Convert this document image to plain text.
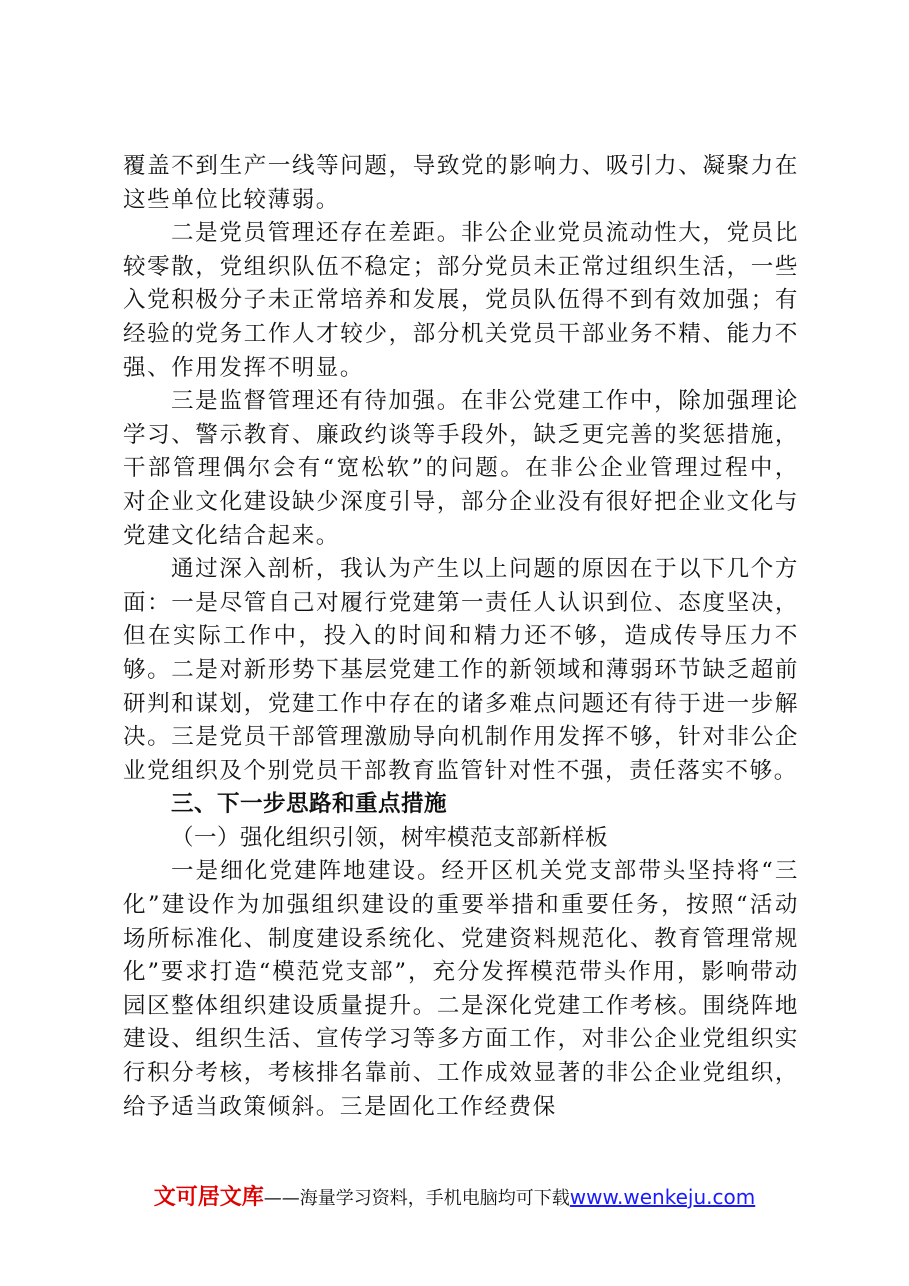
覆盖不到生产一线等问题，导致党的影响力、吸引力、凝聚力在这些单位比较薄弱。

二是党员管理还存在差距。非公企业党员流动性大，党员比较零散，党组织队伍不稳定；部分党员未正常过组织生活，一些入党积极分子未正常培养和发展，党员队伍得不到有效加强；有经验的党务工作人才较少，部分机关党员干部业务不精、能力不强、作用发挥不明显。

三是监督管理还有待加强。在非公党建工作中，除加强理论学习、警示教育、廉政约谈等手段外，缺乏更完善的奖惩措施，干部管理偶尔会有“宽松软”的问题。在非公企业管理过程中，对企业文化建设缺少深度引导，部分企业没有很好把企业文化与党建文化结合起来。

通过深入剖析，我认为产生以上问题的原因在于以下几个方面：一是尽管自己对履行党建第一责任人认识到位、态度坚决，但在实际工作中，投入的时间和精力还不够，造成传导压力不够。二是对新形势下基层党建工作的新领域和薄弱环节缺乏超前研判和谋划，党建工作中存在的诸多难点问题还有待于进一步解决。三是党员干部管理激励导向机制作用发挥不够，针对非公企业党组织及个别党员干部教育监管针对性不强，责任落实不够。

三、下一步思路和重点措施

（一）强化组织引领，树牢模范支部新样板

一是细化党建阵地建设。经开区机关党支部带头坚持将“三化”建设作为加强组织建设的重要举措和重要任务，按照“活动场所标准化、制度建设系统化、党建资料规范化、教育管理常规化”要求打造“模范党支部”，充分发挥模范带头作用，影响带动园区整体组织建设质量提升。二是深化党建工作考核。围绕阵地建设、组织生活、宣传学习等多方面工作，对非公企业党组织实行积分考核，考核排名靠前、工作成效显著的非公企业党组织，给予适当政策倾斜。三是固化工作经费保

文可居文库——海量学习资料，手机电脑均可下载www.wenkeju.com
